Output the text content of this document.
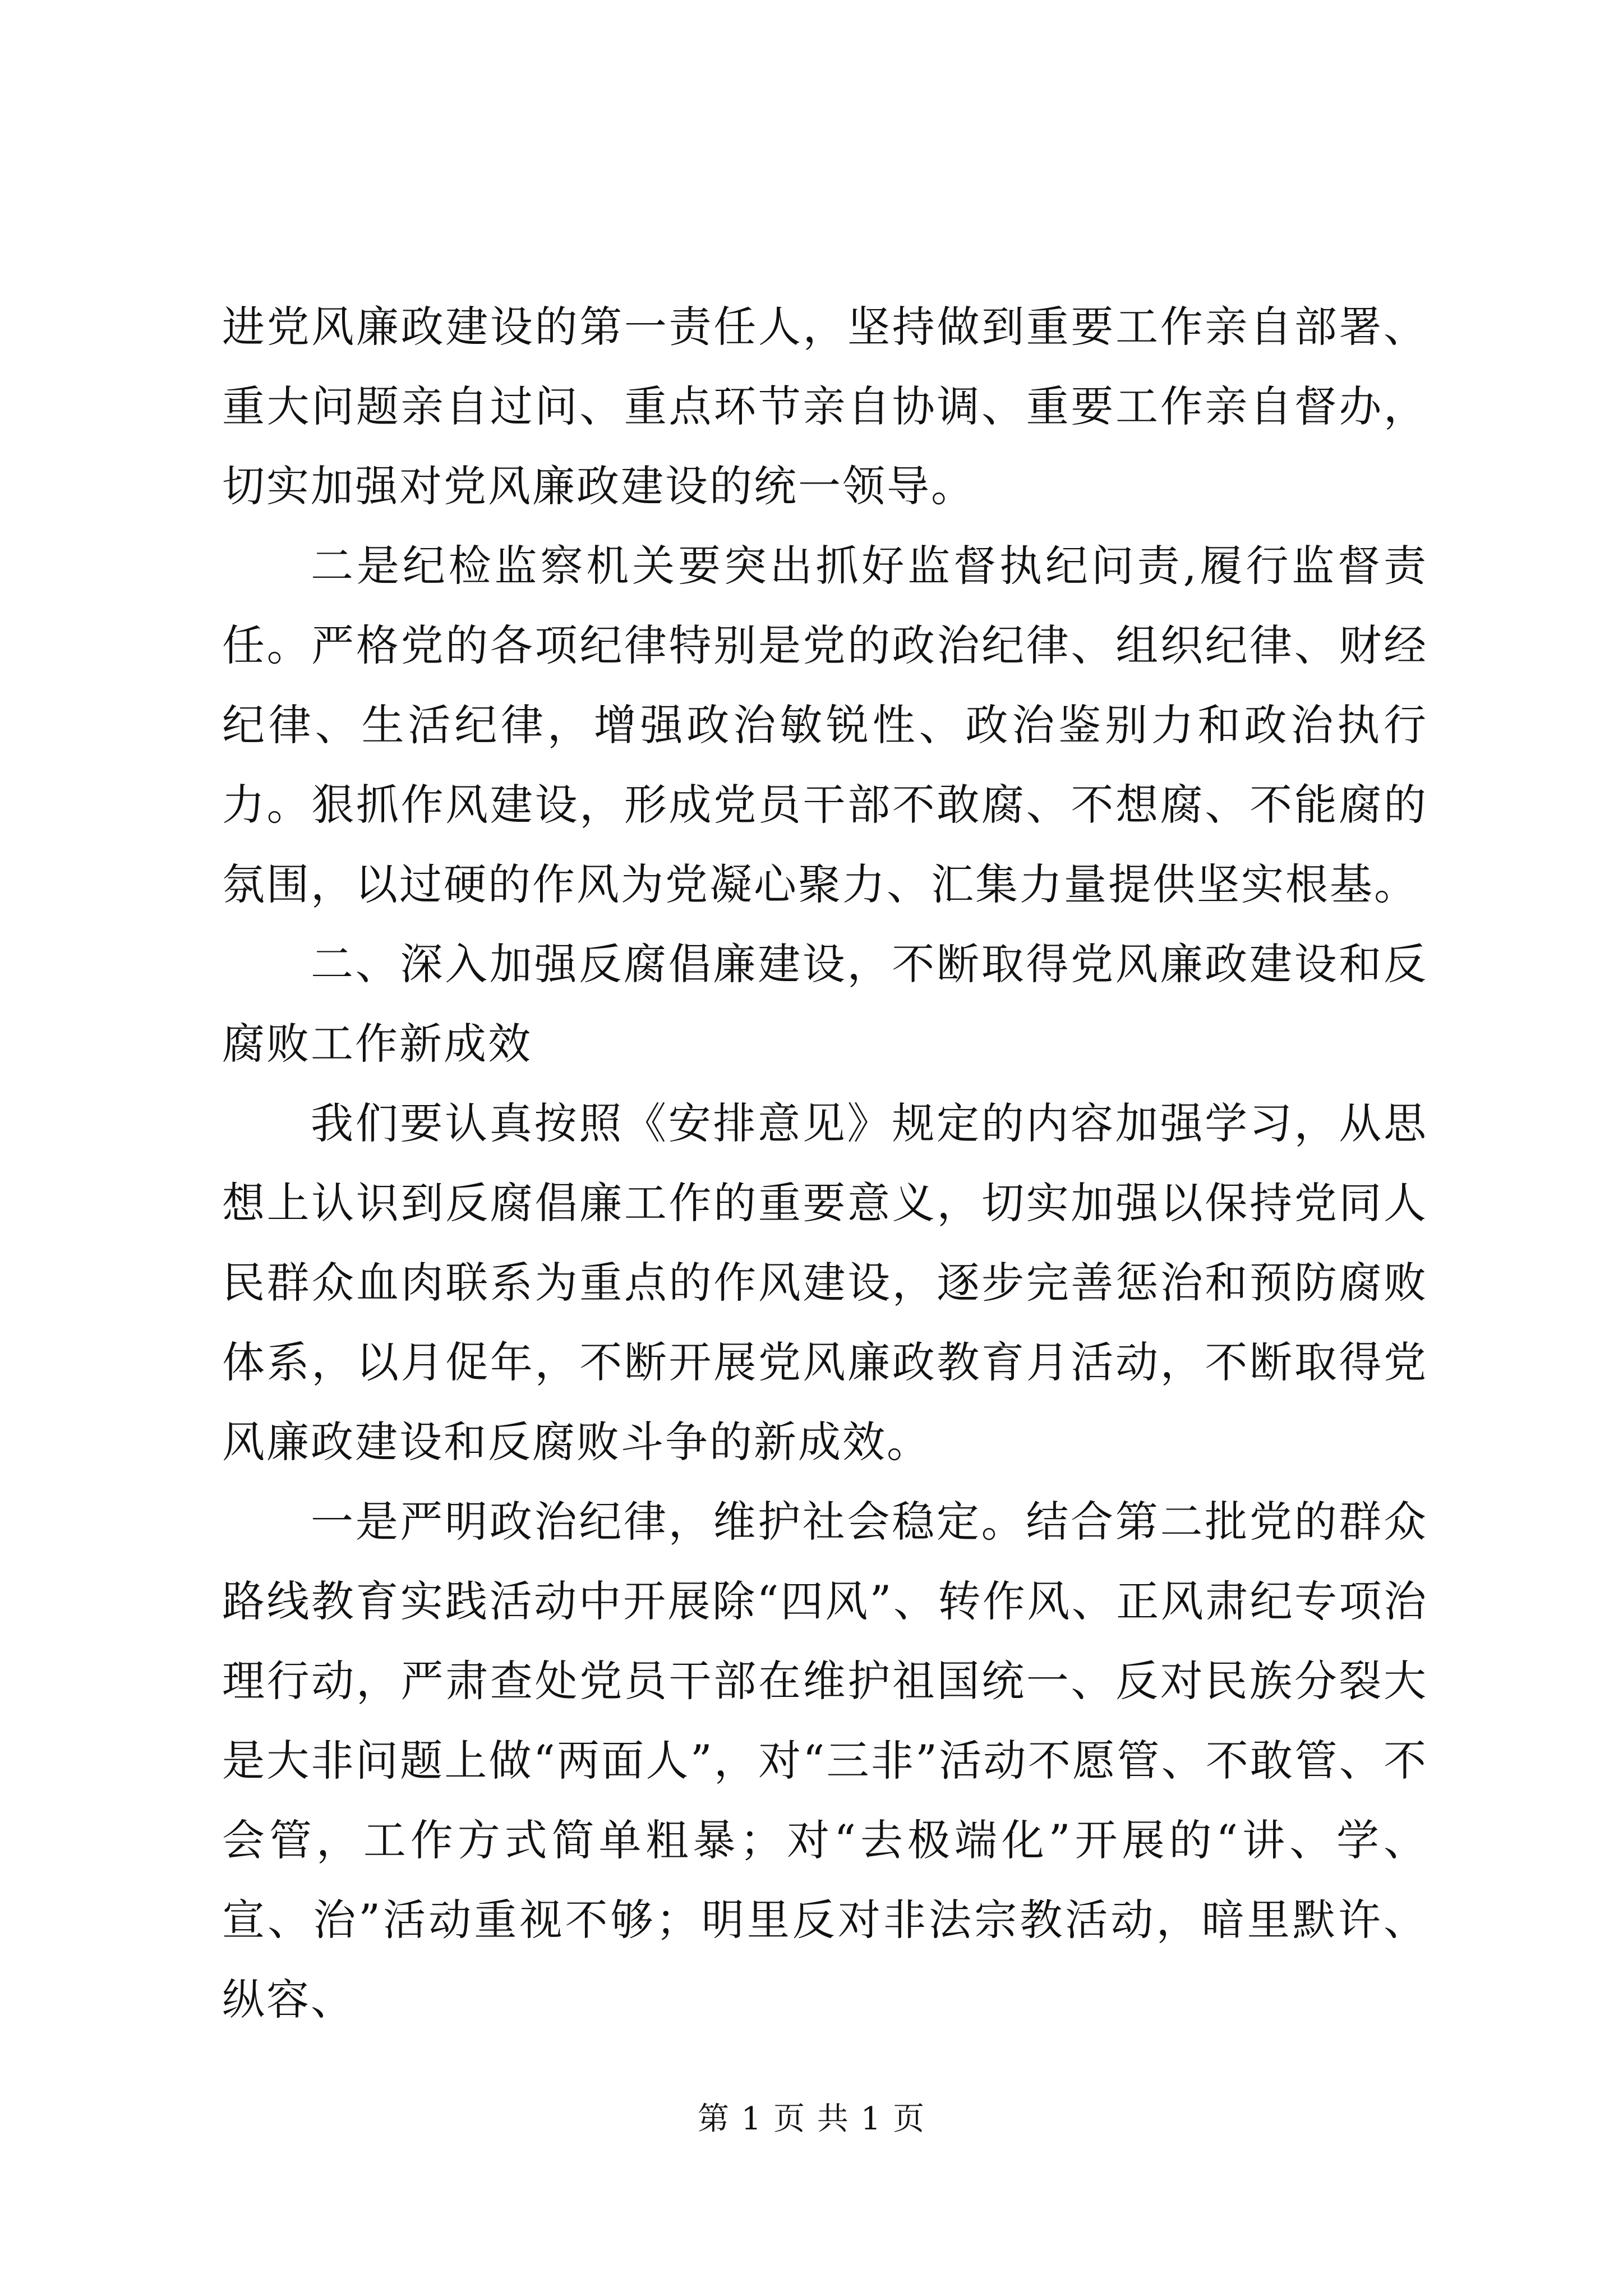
进党风廉政建设的第一责任人，坚持做到重要工作亲自部署、重大问题亲自过问、重点环节亲自协调、重要工作亲自督办，切实加强对党风廉政建设的统一领导。

二是纪检监察机关要突出抓好监督执纪问责,履行监督责任。严格党的各项纪律特别是党的政治纪律、组织纪律、财经纪律、生活纪律，增强政治敏锐性、政治鉴别力和政治执行力。狠抓作风建设，形成党员干部不敢腐、不想腐、不能腐的氛围，以过硬的作风为党凝心聚力、汇集力量提供坚实根基。

二、深入加强反腐倡廉建设，不断取得党风廉政建设和反腐败工作新成效

我们要认真按照《安排意见》规定的内容加强学习，从思想上认识到反腐倡廉工作的重要意义，切实加强以保持党同人民群众血肉联系为重点的作风建设，逐步完善惩治和预防腐败体系，以月促年，不断开展党风廉政教育月活动，不断取得党风廉政建设和反腐败斗争的新成效。

一是严明政治纪律，维护社会稳定。结合第二批党的群众路线教育实践活动中开展除“四风”、转作风、正风肃纪专项治理行动，严肃查处党员干部在维护祖国统一、反对民族分裂大是大非问题上做“两面人”，对“三非”活动不愿管、不敢管、不会管，工作方式简单粗暴；对“去极端化”开展的“讲、学、宣、治”活动重视不够；明里反对非法宗教活动，暗里默许、纵容、

第 1 页 共 1 页
